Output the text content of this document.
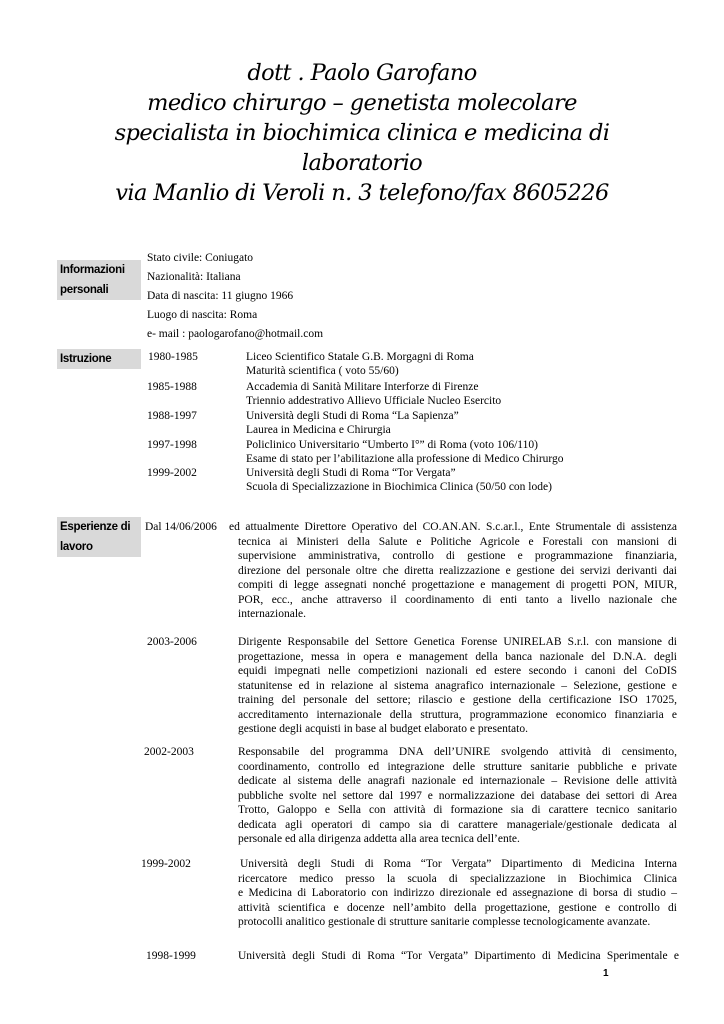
dott . Paolo Garofano
medico chirurgo – genetista molecolare
specialista in biochimica clinica e medicina di
laboratorio
via Manlio di Veroli n. 3 telefono/fax 8605226
Informazioni
personali
Stato civile: Coniugato
Nazionalità: Italiana
Data di nascita: 11 giugno 1966
Luogo di nascita: Roma
e- mail : paologarofano@hotmail.com
Istruzione	1980-1985	Liceo Scientifico Statale G.B. Morgagni di Roma
Maturità scientifica ( voto 55/60)
1985-1988	Accademia di Sanità Militare Interforze di Firenze
Triennio addestrativo Allievo Ufficiale Nucleo Esercito
1988-1997	Università degli Studi di Roma “La Sapienza”
Laurea in Medicina e Chirurgia
1997-1998	Policlinico Universitario “Umberto I°” di Roma (voto 106/110)
Esame di stato per l’abilitazione alla professione di Medico Chirurgo
1999-2002	Università degli Studi di Roma “Tor Vergata”
Scuola di Specializzazione in Biochimica Clinica (50/50 con lode)
Esperienze di
lavoro
Dal 14/06/2006 ed attualmente Direttore Operativo del CO.AN.AN. S.c.ar.l., Ente Strumentale di assistenza
tecnica ai Ministeri della Salute e Politiche Agricole e Forestali con mansioni di
supervisione amministrativa, controllo di gestione e programmazione finanziaria,
direzione del personale oltre che diretta realizzazione e gestione dei servizi derivanti dai
compiti di legge assegnati nonché progettazione e management di progetti PON, MIUR,
POR, ecc., anche attraverso il coordinamento di enti tanto a livello nazionale che
internazionale.
2003-2006	Dirigente Responsabile del Settore Genetica Forense UNIRELAB S.r.l. con mansione di
progettazione, messa in opera e management della banca nazionale del D.N.A. degli
equidi impegnati nelle competizioni nazionali ed estere secondo i canoni del CoDIS
statunitense ed in relazione al sistema anagrafico internazionale – Selezione, gestione e
training del personale del settore; rilascio e gestione della certificazione ISO 17025,
accreditamento internazionale della struttura, programmazione economico finanziaria e
gestione degli acquisti in base al budget elaborato e presentato.
2002-2003	Responsabile del programma DNA dell’UNIRE svolgendo attività di censimento,
coordinamento, controllo ed integrazione delle strutture sanitarie pubbliche e private
dedicate al sistema delle anagrafi nazionale ed internazionale – Revisione delle attività
pubbliche svolte nel settore dal 1997 e normalizzazione dei database dei settori di Area
Trotto, Galoppo e Sella con attività di formazione sia di carattere tecnico sanitario
dedicata agli operatori di campo sia di carattere manageriale/gestionale dedicata al
personale ed alla dirigenza addetta alla area tecnica dell’ente.
1999-2002	Università degli Studi di Roma “Tor Vergata” Dipartimento di Medicina Interna
ricercatore medico presso la scuola di specializzazione in Biochimica Clinica
e Medicina di Laboratorio con indirizzo direzionale ed assegnazione di borsa di studio –
attività scientifica e docenze nell’ambito della progettazione, gestione e controllo di
protocolli analitico gestionale di strutture sanitarie complesse tecnologicamente avanzate.
1998-1999	Università degli Studi di Roma “Tor Vergata” Dipartimento di Medicina Sperimentale e
1
